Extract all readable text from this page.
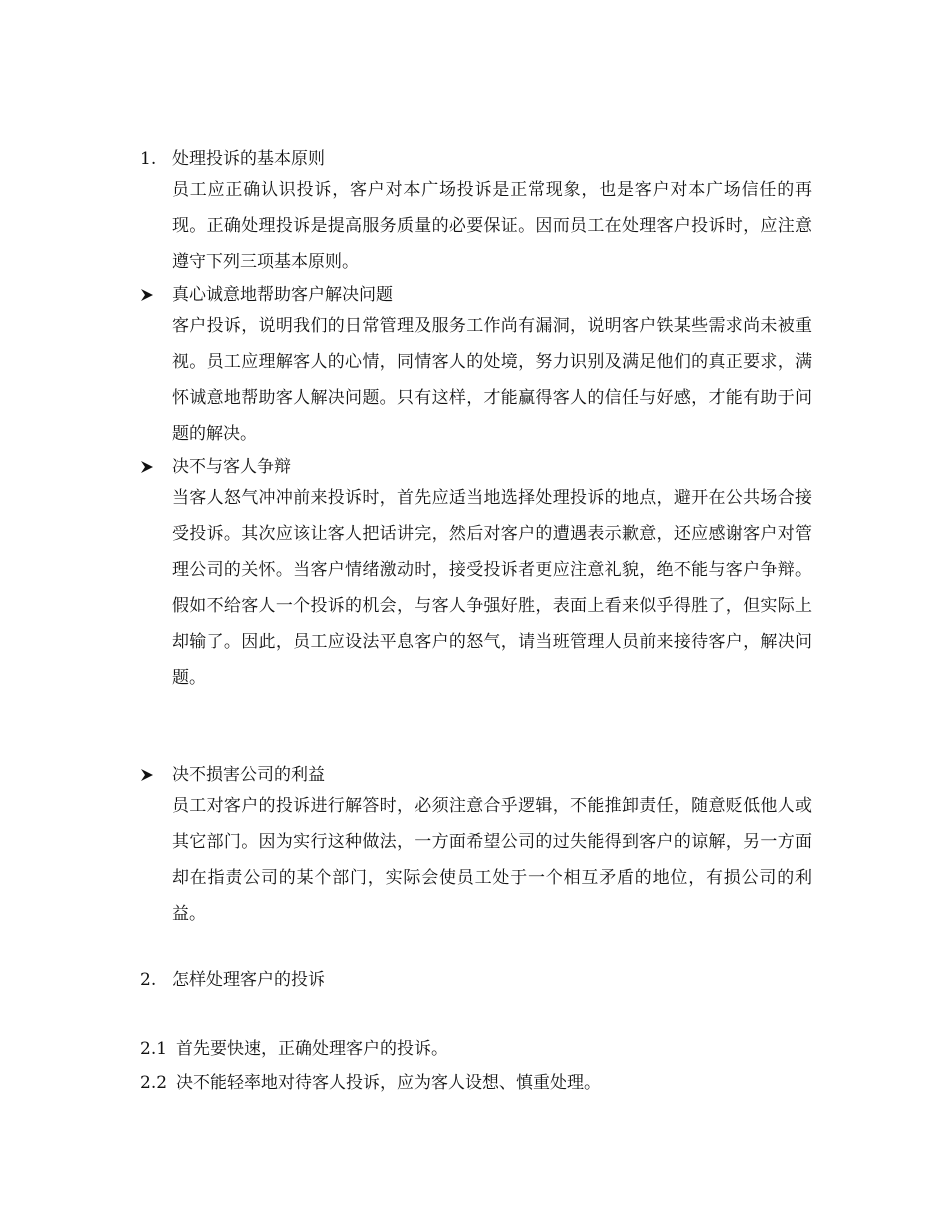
1. 处理投诉的基本原则
员工应正确认识投诉，客户对本广场投诉是正常现象，也是客户对本广场信任的再现。正确处理投诉是提高服务质量的必要保证。因而员工在处理客户投诉时，应注意遵守下列三项基本原则。
真心诚意地帮助客户解决问题
客户投诉，说明我们的日常管理及服务工作尚有漏洞，说明客户铁某些需求尚未被重视。员工应理解客人的心情，同情客人的处境，努力识别及满足他们的真正要求，满怀诚意地帮助客人解决问题。只有这样，才能赢得客人的信任与好感，才能有助于问题的解决。
决不与客人争辩
当客人怒气冲冲前来投诉时，首先应适当地选择处理投诉的地点，避开在公共场合接受投诉。其次应该让客人把话讲完，然后对客户的遭遇表示歉意，还应感谢客户对管理公司的关怀。当客户情绪激动时，接受投诉者更应注意礼貌，绝不能与客户争辩。假如不给客人一个投诉的机会，与客人争强好胜，表面上看来似乎得胜了，但实际上却输了。因此，员工应设法平息客户的怒气，请当班管理人员前来接待客户，解决问题。
决不损害公司的利益
员工对客户的投诉进行解答时，必须注意合乎逻辑，不能推卸责任，随意贬低他人或其它部门。因为实行这种做法，一方面希望公司的过失能得到客户的谅解，另一方面却在指责公司的某个部门，实际会使员工处于一个相互矛盾的地位，有损公司的利益。
2. 怎样处理客户的投诉
2.1 首先要快速，正确处理客户的投诉。
2.2 决不能轻率地对待客人投诉，应为客人设想、慎重处理。
